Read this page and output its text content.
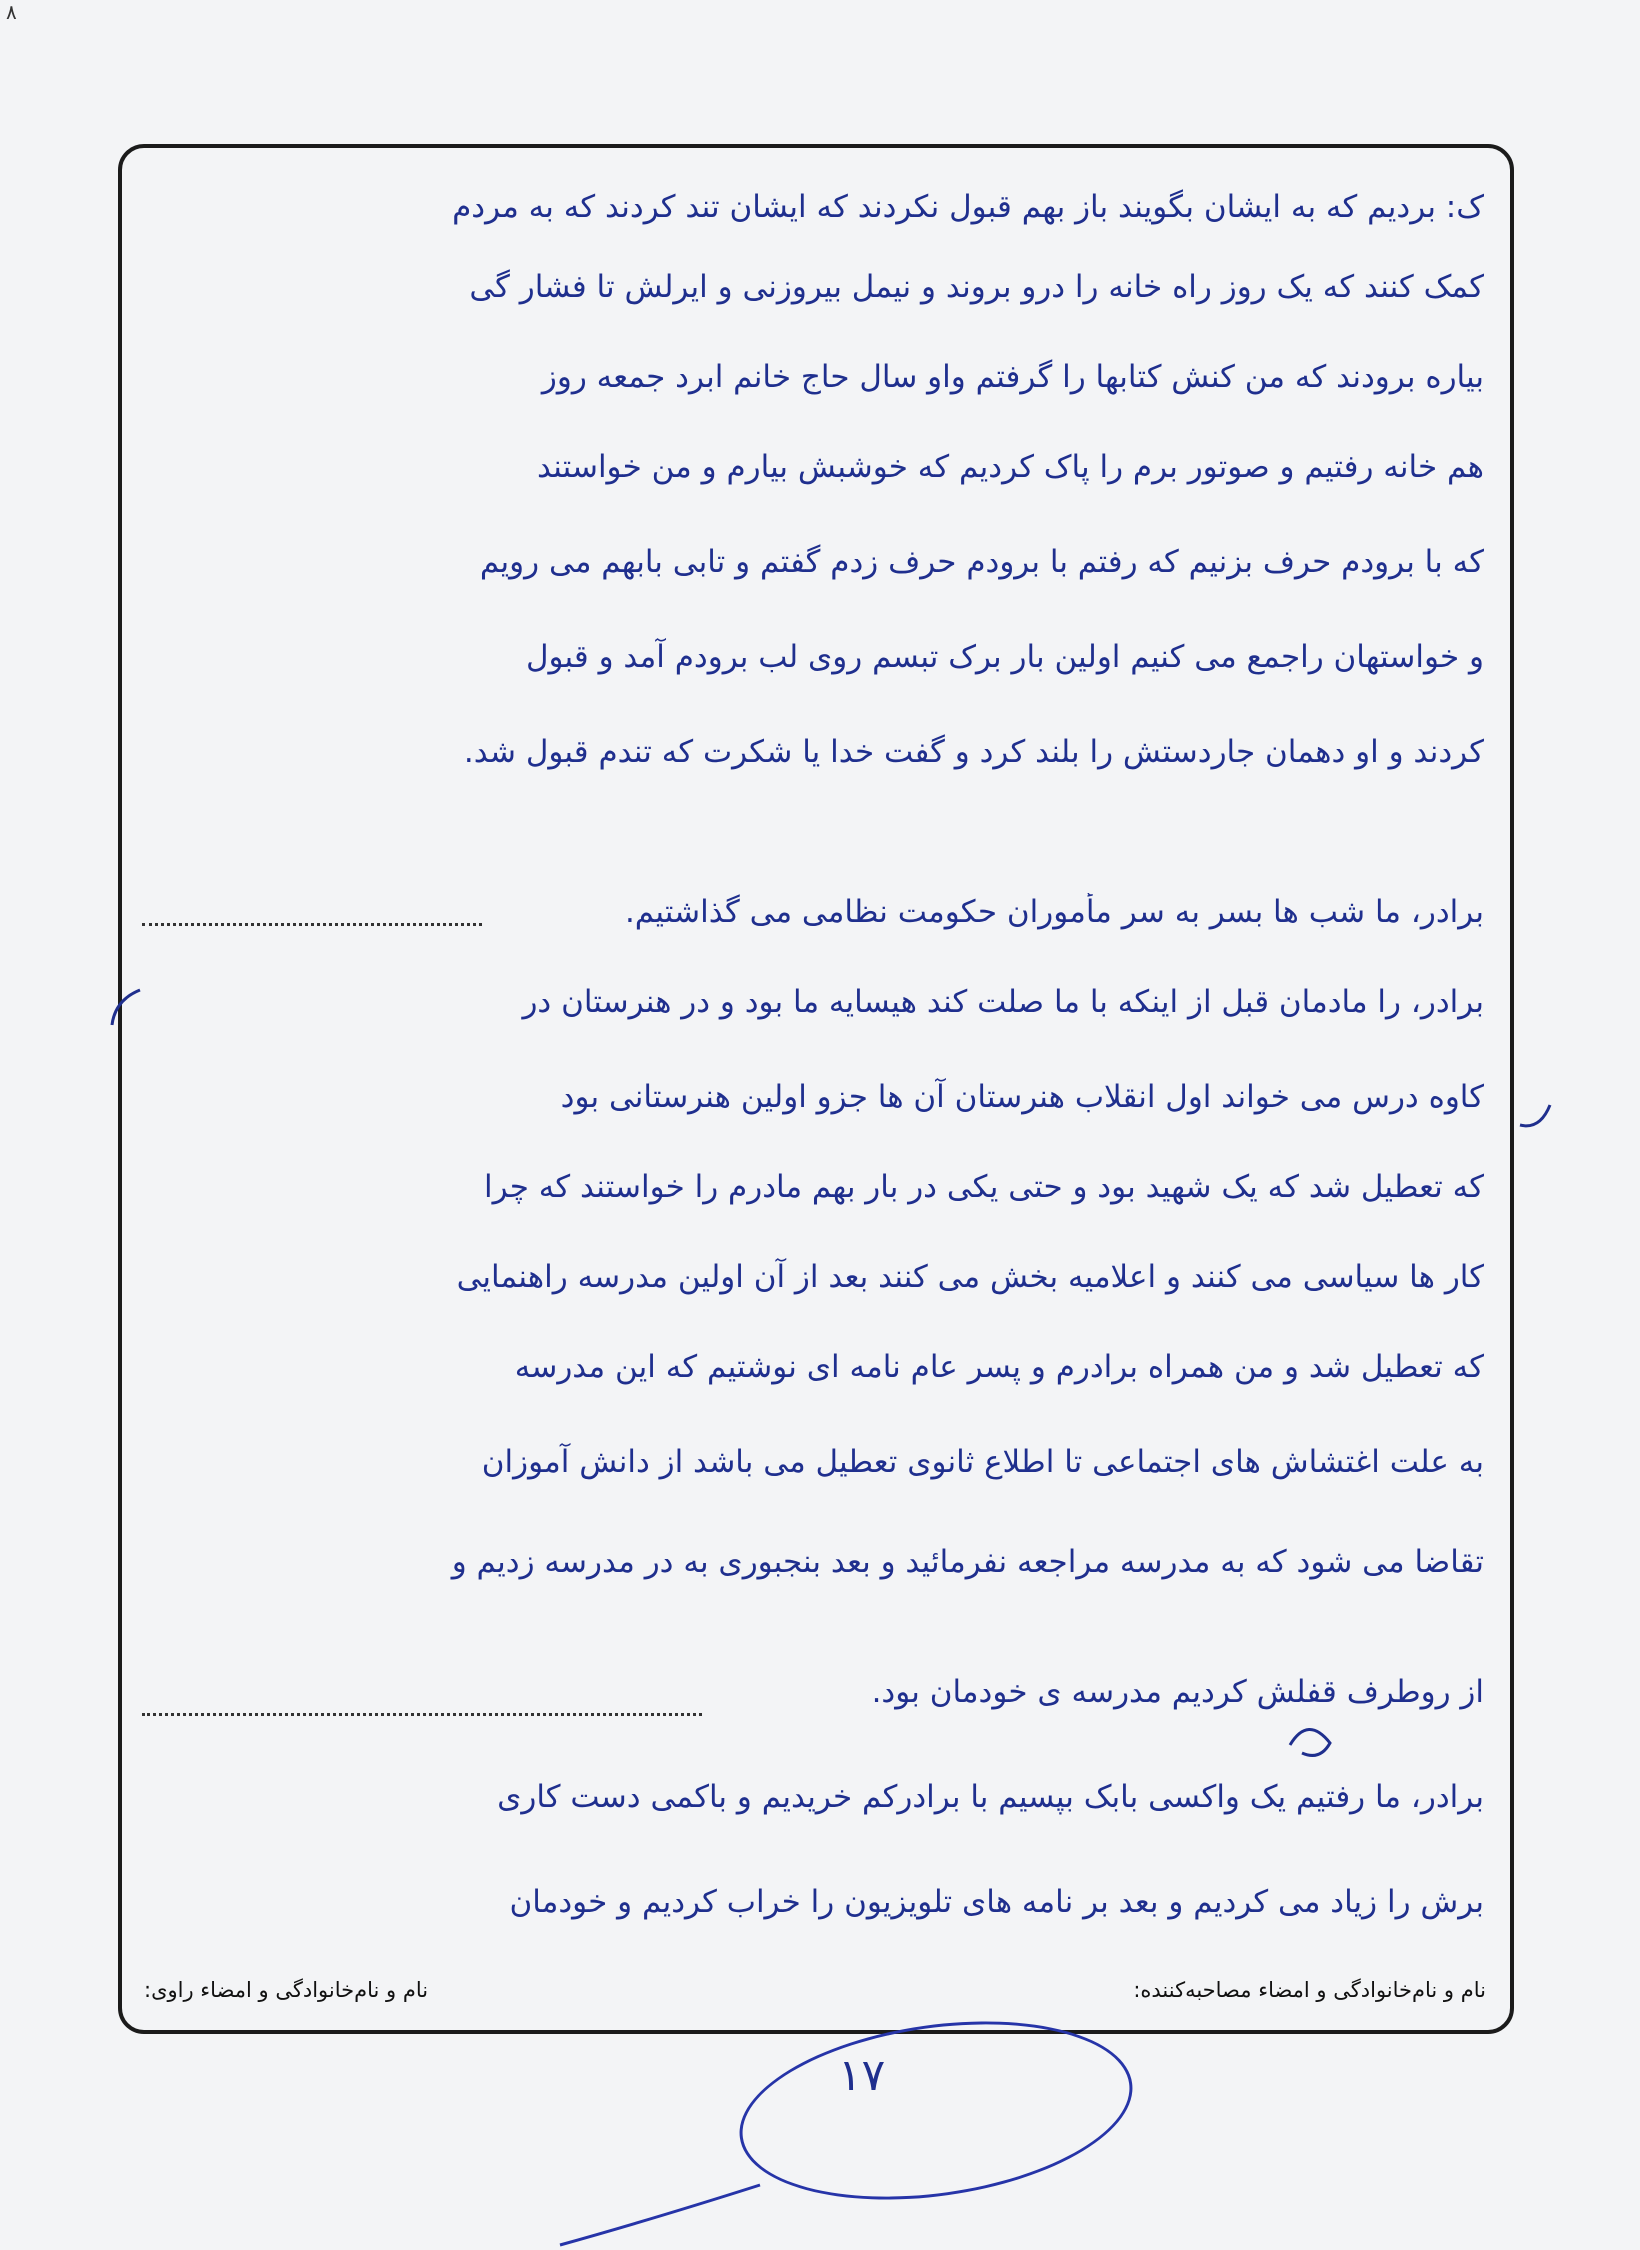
٨
ک: بردیم که به ایشان بگویند باز بهم قبول نکردند که ایشان تند کردند که به مردم
کمک کنند که یک روز راه خانه را درو بروند و نیمل بیروزنی و ایرلش تا فشار گی
بیاره برودند که من کنش کتابها را گرفتم واو سال حاج خانم ابرد جمعه روز
هم خانه رفتیم و صوتور برم را پاک کردیم که خوشبش بیارم و من خواستند
که با برودم حرف بزنیم که رفتم با برودم حرف زدم گفتم و تابی بابهم می رویم
و خواستهان راجمع می کنیم اولین بار برک تبسم روی لب برودم آمد و قبول
کردند و او دهمان جاردستش را بلند کرد و گفت خدا یا شکرت که تندم قبول شد.
برادر، ما شب ها بسر به سر مأموران حکومت نظامی می گذاشتیم.
برادر، را مادمان قبل از اینکه با ما صلت کند هیسایه ما بود و در هنرستان در
کاوه درس می خواند اول انقلاب هنرستان آن ها جزو اولین هنرستانی بود
که تعطیل شد که یک شهید بود و حتی یکی در بار بهم مادرم را خواستند که چرا
کار ها سیاسی می کنند و اعلامیه بخش می کنند بعد از آن اولین مدرسه راهنمایی
که تعطیل شد و من همراه برادرم و پسر عام نامه ای نوشتیم که این مدرسه
به علت اغتشاش های اجتماعی تا اطلاع ثانوی تعطیل می باشد از دانش آموزان
تقاضا می شود که به مدرسه مراجعه نفرمائید و بعد بنجبوری به در مدرسه زدیم و
از روطرف قفلش کردیم مدرسه ی خودمان بود.
برادر، ما رفتیم یک واکسی بابک بپسیم با برادرکم خریدیم و باکمی دست کاری
برش را زیاد می کردیم و بعد بر نامه های تلویزیون را خراب کردیم و خودمان
نام و نام‌خانوادگی و امضاء مصاحبه‌کننده:
نام و نام‌خانوادگی و امضاء راوی:
١٧
